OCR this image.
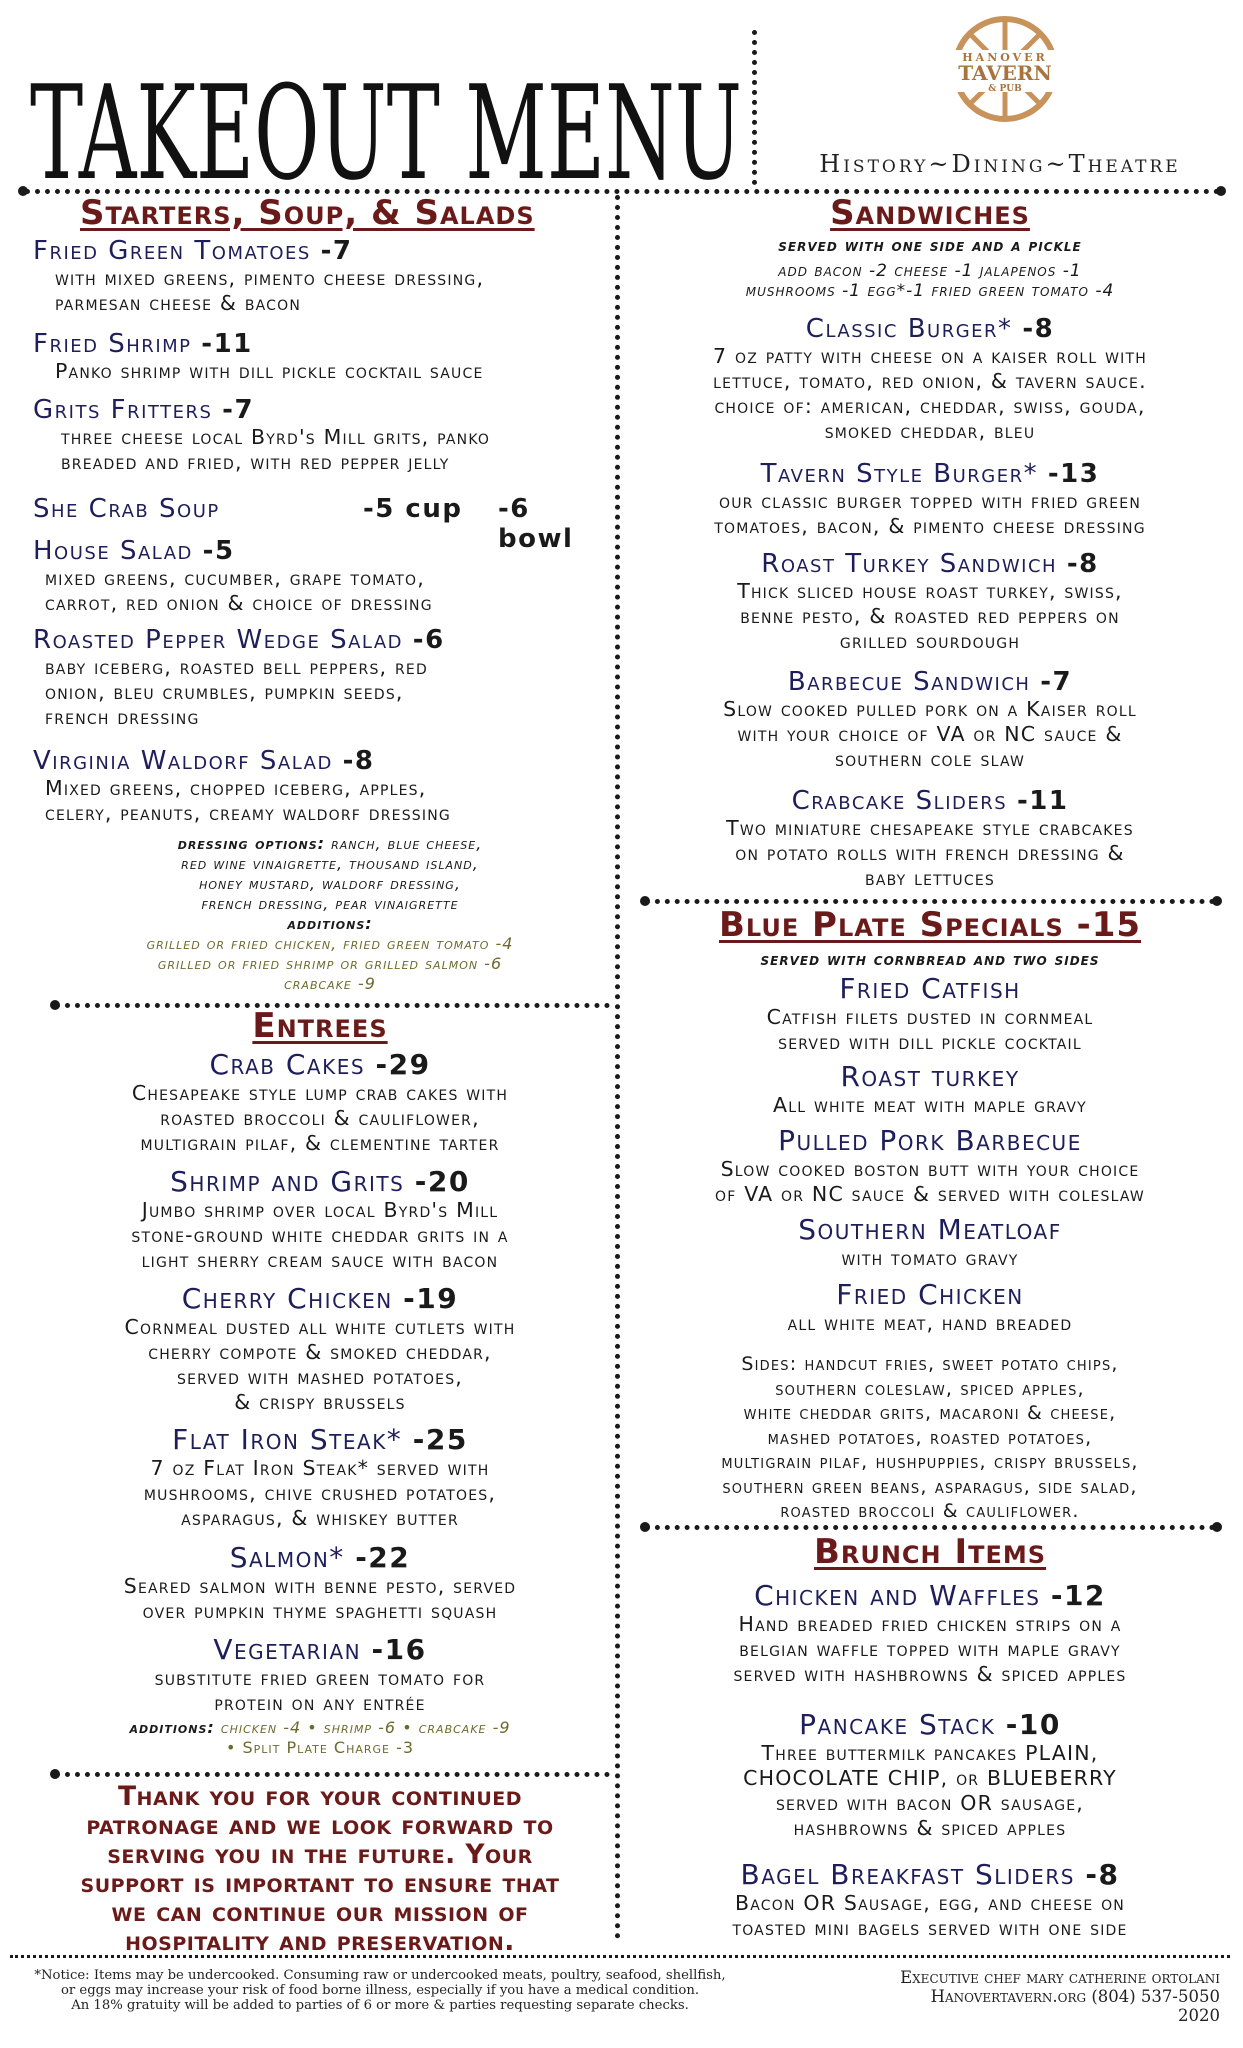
TAKEOUT MENU	HANOVER
TAVERN
& PUB
History~Dining~Theatre
Starters, Soup, & Salads
Fried Green Tomatoes -7
with mixed greens, pimento cheese dressing,
parmesan cheese & bacon
Fried Shrimp -11
Panko shrimp with dill pickle cocktail sauce
Grits Fritters -7
three cheese local Byrd's Mill grits, panko
breaded and fried, with red pepper jelly
She Crab Soup	-5 cup -6 bowl
House Salad -5
mixed greens, cucumber, grape tomato,
carrot, red onion & choice of dressing
Roasted Pepper Wedge Salad -6
baby iceberg, roasted bell peppers, red
onion, bleu crumbles, pumpkin seeds,
french dressing
Virginia Waldorf Salad -8
Mixed greens, chopped iceberg, apples,
celery, peanuts, creamy waldorf dressing
dressing options: ranch, blue cheese,
red wine vinaigrette, thousand island,
honey mustard, waldorf dressing,
french dressing, pear vinaigrette
additions:
grilled or fried chicken, fried green tomato -4
grilled or fried shrimp or grilled salmon -6
crabcake -9
Entrees
Crab Cakes -29
Chesapeake style lump crab cakes with
roasted broccoli & cauliflower,
multigrain pilaf, & clementine tarter
Shrimp and Grits -20
Jumbo shrimp over local Byrd's Mill
stone-ground white cheddar grits in a
light sherry cream sauce with bacon
Cherry Chicken -19
Cornmeal dusted all white cutlets with
cherry compote & smoked cheddar,
served with mashed potatoes,
& crispy brussels
Flat Iron Steak* -25
7 oz Flat Iron Steak* served with
mushrooms, chive crushed potatoes,
asparagus, & whiskey butter
Salmon* -22
Seared salmon with benne pesto, served
over pumpkin thyme spaghetti squash
Vegetarian -16
substitute fried green tomato for
protein on any entrée
additions: chicken -4 • shrimp -6 • crabcake -9
• Split Plate Charge -3
Thank you for your continued
patronage and we look forward to
serving you in the future. Your
support is important to ensure that
we can continue our mission of
hospitality and preservation.
Sandwiches
served with one side and a pickle
add bacon -2 cheese -1 jalapenos -1
mushrooms -1 egg*-1 fried green tomato -4
Classic Burger* -8
7 oz patty with cheese on a kaiser roll with
lettuce, tomato, red onion, & tavern sauce.
choice of: american, cheddar, swiss, gouda,
smoked cheddar, bleu
Tavern Style Burger* -13
our classic burger topped with fried green
tomatoes, bacon, & pimento cheese dressing
Roast Turkey Sandwich -8
Thick sliced house roast turkey, swiss,
benne pesto, & roasted red peppers on
grilled sourdough
Barbecue Sandwich -7
Slow cooked pulled pork on a Kaiser roll
with your choice of VA or NC sauce &
southern cole slaw
Crabcake Sliders -11
Two miniature chesapeake style crabcakes
on potato rolls with french dressing &
baby lettuces
Blue Plate Specials -15
served with cornbread and two sides
Fried Catfish
Catfish filets dusted in cornmeal
served with dill pickle cocktail
Roast turkey
All white meat with maple gravy
Pulled Pork Barbecue
Slow cooked boston butt with your choice
of VA or NC sauce & served with coleslaw
Southern Meatloaf
with tomato gravy
Fried Chicken
all white meat, hand breaded
Sides: handcut fries, sweet potato chips,
southern coleslaw, spiced apples,
white cheddar grits, macaroni & cheese,
mashed potatoes, roasted potatoes,
multigrain pilaf, hushpuppies, crispy brussels,
southern green beans, asparagus, side salad,
roasted broccoli & cauliflower.
Brunch Items
Chicken and Waffles -12
Hand breaded fried chicken strips on a
belgian waffle topped with maple gravy
served with hashbrowns & spiced apples
Pancake Stack -10
Three buttermilk pancakes PLAIN,
CHOCOLATE CHIP, or BLUEBERRY
served with bacon OR sausage,
hashbrowns & spiced apples
Bagel Breakfast Sliders -8
Bacon OR Sausage, egg, and cheese on
toasted mini bagels served with one side
*Notice: Items may be undercooked. Consuming raw or undercooked meats, poultry, seafood, shellfish,
or eggs may increase your risk of food borne illness, especially if you have a medical condition.
An 18% gratuity will be added to parties of 6 or more & parties requesting separate checks.
Executive chef mary catherine ortolani
Hanovertavern.org (804) 537-5050
2020
